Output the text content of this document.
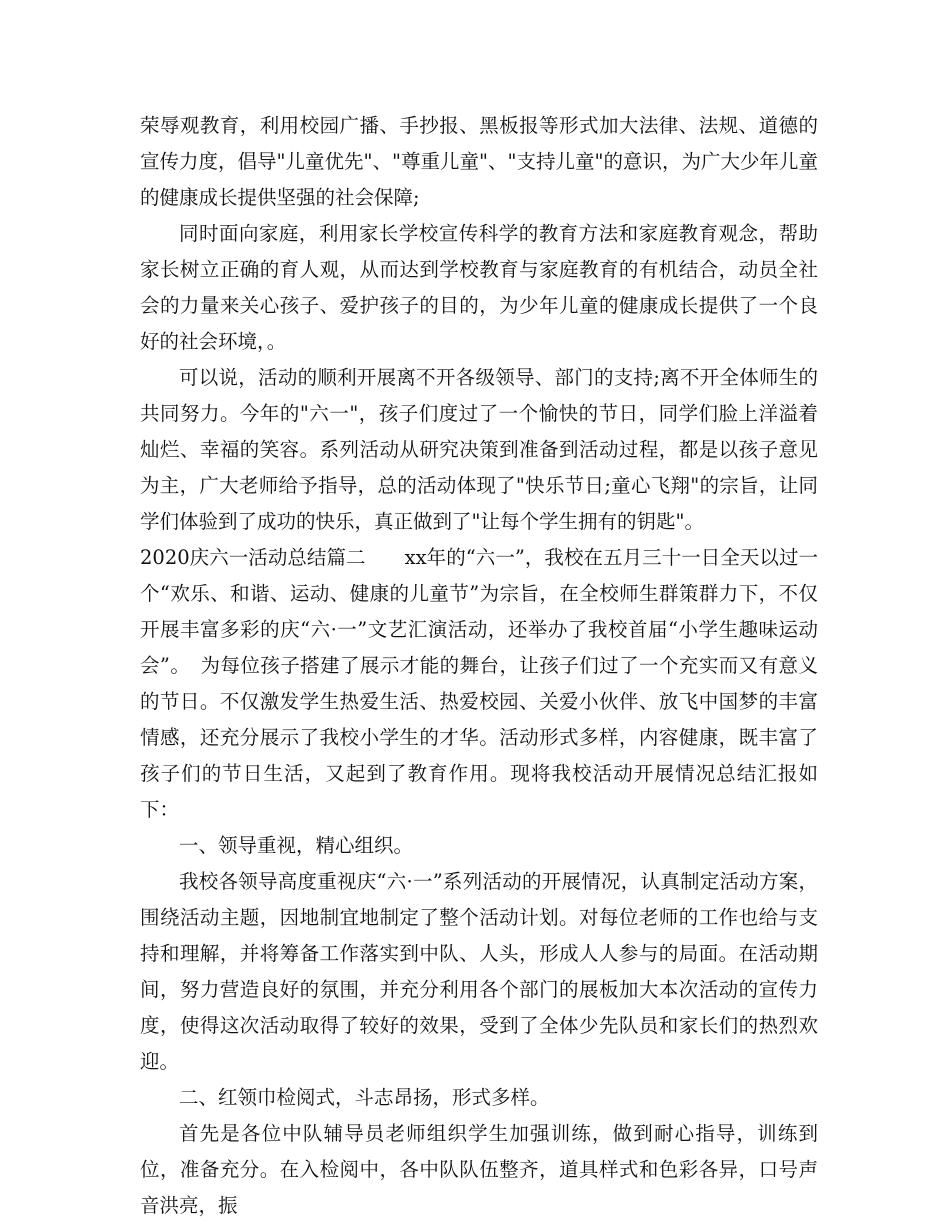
荣辱观教育，利用校园广播、手抄报、黑板报等形式加大法律、法规、道德的宣传力度，倡导"儿童优先"、"尊重儿童"、"支持儿童"的意识，为广大少年儿童的健康成长提供坚强的社会保障;

同时面向家庭，利用家长学校宣传科学的教育方法和家庭教育观念，帮助家长树立正确的育人观，从而达到学校教育与家庭教育的有机结合，动员全社会的力量来关心孩子、爱护孩子的目的，为少年儿童的健康成长提供了一个良好的社会环境，。

可以说，活动的顺利开展离不开各级领导、部门的支持;离不开全体师生的共同努力。今年的"六一"，孩子们度过了一个愉快的节日，同学们脸上洋溢着灿烂、幸福的笑容。系列活动从研究决策到准备到活动过程，都是以孩子意见为主，广大老师给予指导，总的活动体现了"快乐节日;童心飞翔"的宗旨，让同学们体验到了成功的快乐，真正做到了"让每个学生拥有的钥匙"。

2020庆六一活动总结篇二　　xx年的“六一”，我校在五月三十一日全天以过一个“欢乐、和谐、运动、健康的儿童节”为宗旨，在全校师生群策群力下，不仅开展丰富多彩的庆“六·一”文艺汇演活动，还举办了我校首届“小学生趣味运动会”。　为每位孩子搭建了展示才能的舞台，让孩子们过了一个充实而又有意义的节日。不仅激发学生热爱生活、热爱校园、关爱小伙伴、放飞中国梦的丰富情感，还充分展示了我校小学生的才华。活动形式多样，内容健康，既丰富了孩子们的节日生活，又起到了教育作用。现将我校活动开展情况总结汇报如下：

一、领导重视，精心组织。

我校各领导高度重视庆“六·一”系列活动的开展情况，认真制定活动方案，围绕活动主题，因地制宜地制定了整个活动计划。对每位老师的工作也给与支持和理解，并将筹备工作落实到中队、人头，形成人人参与的局面。在活动期间，努力营造良好的氛围，并充分利用各个部门的展板加大本次活动的宣传力度，使得这次活动取得了较好的效果，受到了全体少先队员和家长们的热烈欢迎。

二、红领巾检阅式，斗志昂扬，形式多样。

首先是各位中队辅导员老师组织学生加强训练，做到耐心指导，训练到位，准备充分。在入检阅中，各中队队伍整齐，道具样式和色彩各异，口号声音洪亮，振
